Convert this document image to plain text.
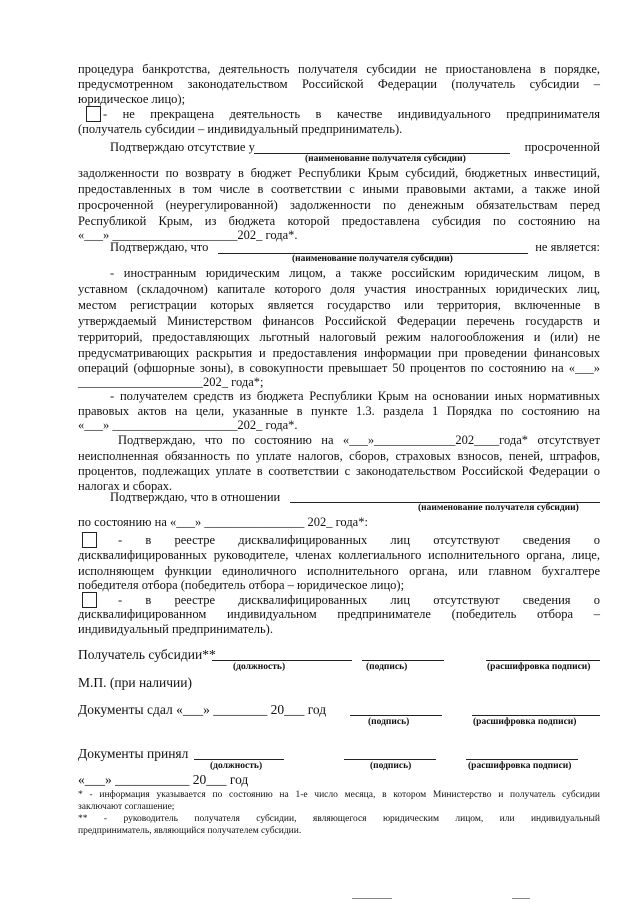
процедура банкротства, деятельность получателя субсидии не приостановлена в порядке,
предусмотренном законодательством Российской Федерации (получатель субсидии –
юридическое лицо);
- не прекращена деятельность в качестве индивидуального предпринимателя
(получатель субсидии – индивидуальный предприниматель).
Подтверждаю отсутствие у	просроченной
(наименование получателя субсидии)
задолженности по возврату в бюджет Республики Крым субсидий, бюджетных инвестиций,
предоставленных в том числе в соответствии с иными правовыми актами, а также иной
просроченной (неурегулированной) задолженности по денежным обязательствам перед
Республикой Крым, из бюджета которой предоставлена субсидия по состоянию на
«___» ____________________202_ года*.
Подтверждаю, что	не является:
(наименование получателя субсидии)
- иностранным юридическим лицом, а также российским юридическим лицом, в
уставном (складочном) капитале которого доля участия иностранных юридических лиц,
местом регистрации которых является государство или территория, включенные в
утверждаемый Министерством финансов Российской Федерации перечень государств и
территорий, предоставляющих льготный налоговый режим налогообложения и (или) не
предусматривающих раскрытия и предоставления информации при проведении финансовых
операций (офшорные зоны), в совокупности превышает 50 процентов по состоянию на «___»
____________________202_ года*;
- получателем средств из бюджета Республики Крым на основании иных нормативных
правовых актов на цели, указанные в пункте 1.3. раздела 1 Порядка по состоянию на
«___» ____________________202_ года*.
Подтверждаю, что по состоянию на «___»_____________202____года* отсутствует
неисполненная обязанность по уплате налогов, сборов, страховых взносов, пеней, штрафов,
процентов, подлежащих уплате в соответствии с законодательством Российской Федерации о
налогах и сборах.
Подтверждаю, что в отношении
(наименование получателя субсидии)
по состоянию на «___» ________________ 202_ года*:
- в реестре дисквалифицированных лиц отсутствуют сведения о
дисквалифицированных руководителе, членах коллегиального исполнительного органа, лице,
исполняющем функции единоличного исполнительного органа, или главном бухгалтере
победителя отбора (победитель отбора – юридическое лицо);
- в реестре дисквалифицированных лиц отсутствуют сведения о
дисквалифицированном индивидуальном предпринимателе (победитель отбора –
индивидуальный предприниматель).
Получатель субсидии**
(должность)	(подпись)	(расшифровка подписи)
М.П. (при наличии)
Документы сдал «___» ________ 20___ год
(подпись)	(расшифровка подписи)
Документы принял
(должность)	(подпись)	(расшифровка подписи)
«___» ___________ 20___ год
* - информация указывается по состоянию на 1-е число месяца, в котором Министерство и получатель субсидии
заключают соглашение;
** - руководитель получателя субсидии, являющегося юридическим лицом, или индивидуальный
предприниматель, являющийся получателем субсидии.
